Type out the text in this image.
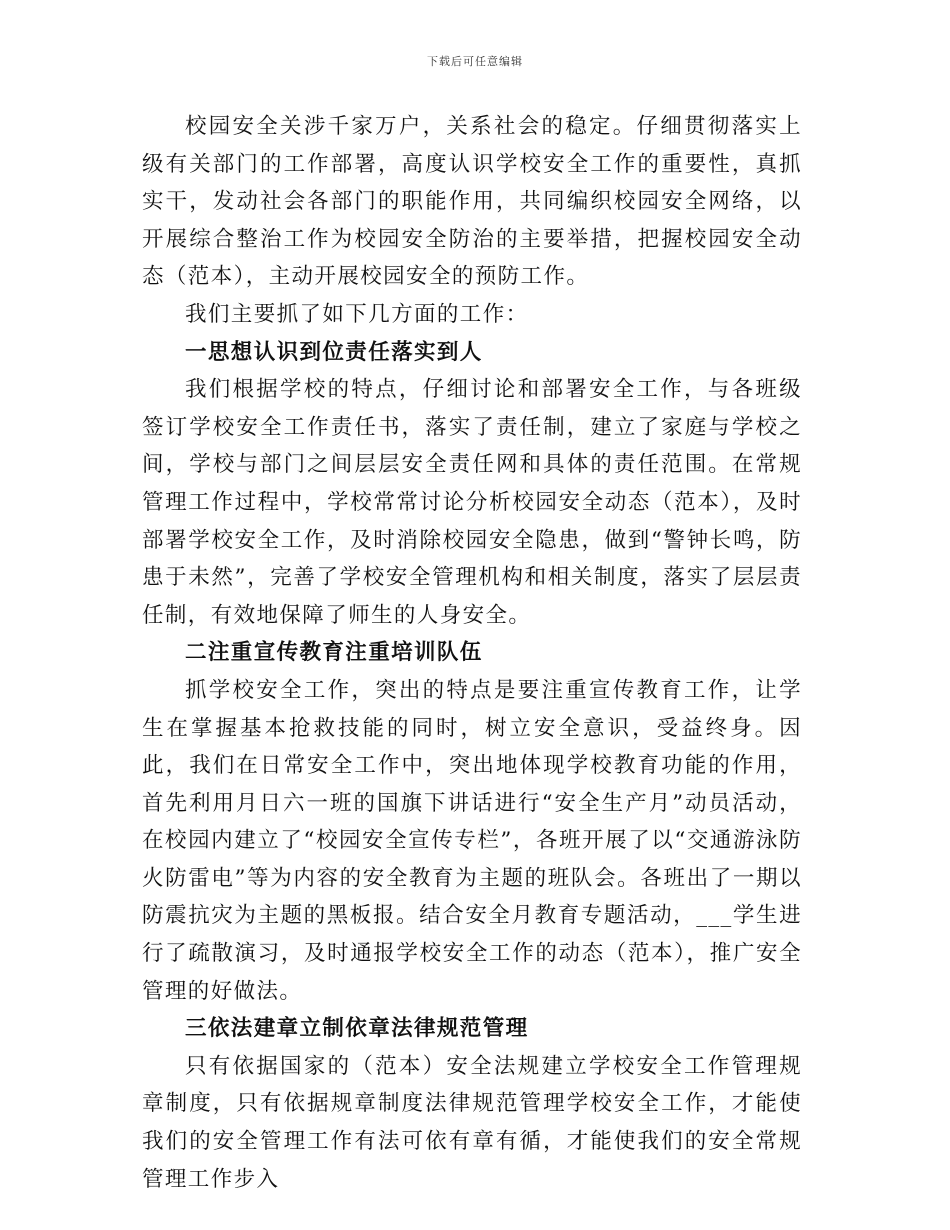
下载后可任意编辑

校园安全关涉千家万户，关系社会的稳定。仔细贯彻落实上级有关部门的工作部署，高度认识学校安全工作的重要性，真抓实干，发动社会各部门的职能作用，共同编织校园安全网络，以开展综合整治工作为校园安全防治的主要举措，把握校园安全动态（范本），主动开展校园安全的预防工作。

我们主要抓了如下几方面的工作：

一思想认识到位责任落实到人

我们根据学校的特点，仔细讨论和部署安全工作，与各班级签订学校安全工作责任书，落实了责任制，建立了家庭与学校之间，学校与部门之间层层安全责任网和具体的责任范围。在常规管理工作过程中，学校常常讨论分析校园安全动态（范本），及时部署学校安全工作，及时消除校园安全隐患，做到“警钟长鸣，防患于未然”，完善了学校安全管理机构和相关制度，落实了层层责任制，有效地保障了师生的人身安全。

二注重宣传教育注重培训队伍

抓学校安全工作，突出的特点是要注重宣传教育工作，让学生在掌握基本抢救技能的同时，树立安全意识，受益终身。因此，我们在日常安全工作中，突出地体现学校教育功能的作用，首先利用月日六一班的国旗下讲话进行“安全生产月”动员活动，在校园内建立了“校园安全宣传专栏”，各班开展了以“交通游泳防火防雷电”等为内容的安全教育为主题的班队会。各班出了一期以防震抗灾为主题的黑板报。结合安全月教育专题活动，___学生进行了疏散演习，及时通报学校安全工作的动态（范本），推广安全管理的好做法。

三依法建章立制依章法律规范管理

只有依据国家的（范本）安全法规建立学校安全工作管理规章制度，只有依据规章制度法律规范管理学校安全工作，才能使我们的安全管理工作有法可依有章有循，才能使我们的安全常规管理工作步入
